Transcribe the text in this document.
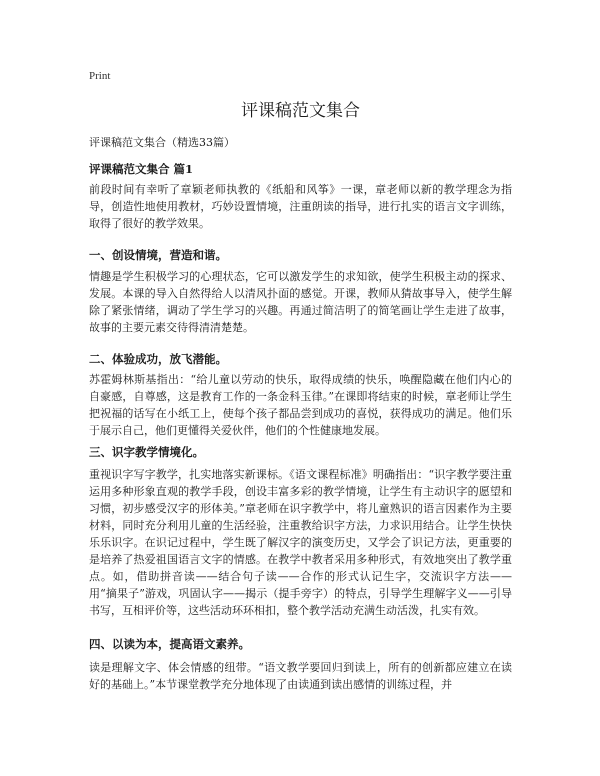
Print
评课稿范文集合

评课稿范文集合（精选33篇）

评课稿范文集合 篇1

前段时间有幸听了章颖老师执教的《纸船和风筝》一课，章老师以新的教学理念为指导，创造性地使用教材，巧妙设置情境，注重朗读的指导，进行扎实的语言文字训练，取得了很好的教学效果。

一、创设情境，营造和谐。

情趣是学生积极学习的心理状态，它可以激发学生的求知欲，使学生积极主动的探求、发展。本课的导入自然得给人以清风扑面的感觉。开课，教师从猜故事导入，使学生解除了紧张情绪，调动了学生学习的兴趣。再通过简洁明了的简笔画让学生走进了故事，故事的主要元素交待得清清楚楚。

二、体验成功，放飞潜能。

苏霍姆林斯基指出：“给儿童以劳动的快乐，取得成绩的快乐，唤醒隐藏在他们内心的自豪感，自尊感，这是教育工作的一条金科玉律。”在课即将结束的时候，章老师让学生把祝福的话写在小纸工上，使每个孩子都品尝到成功的喜悦，获得成功的满足。他们乐于展示自己，他们更懂得关爱伙伴，他们的个性健康地发展。

三、识字教学情境化。

重视识字写字教学，扎实地落实新课标。《语文课程标准》明确指出：“识字教学要注重运用多种形象直观的教学手段，创设丰富多彩的教学情境，让学生有主动识字的愿望和习惯，初步感受汉字的形体美。”章老师在识字教学中，将儿童熟识的语言因素作为主要材料，同时充分利用儿童的生活经验，注重教给识字方法，力求识用结合。让学生快快乐乐识字。在识记过程中，学生既了解汉字的演变历史，又学会了识记方法，更重要的是培养了热爱祖国语言文字的情感。在教学中教者采用多种形式，有效地突出了教学重点。如，借助拼音读——结合句子读——合作的形式认记生字，交流识字方法——用“摘果子”游戏，巩固认字——揭示（提手旁字）的特点，引导学生理解字义——引导书写，互相评价等，这些活动环环相扣，整个教学活动充满生动活泼，扎实有效。

四、以读为本，提高语文素养。

读是理解文字、体会情感的纽带。“语文教学要回归到读上，所有的创新都应建立在读好的基础上。”本节课堂教学充分地体现了由读通到读出感情的训练过程，并
